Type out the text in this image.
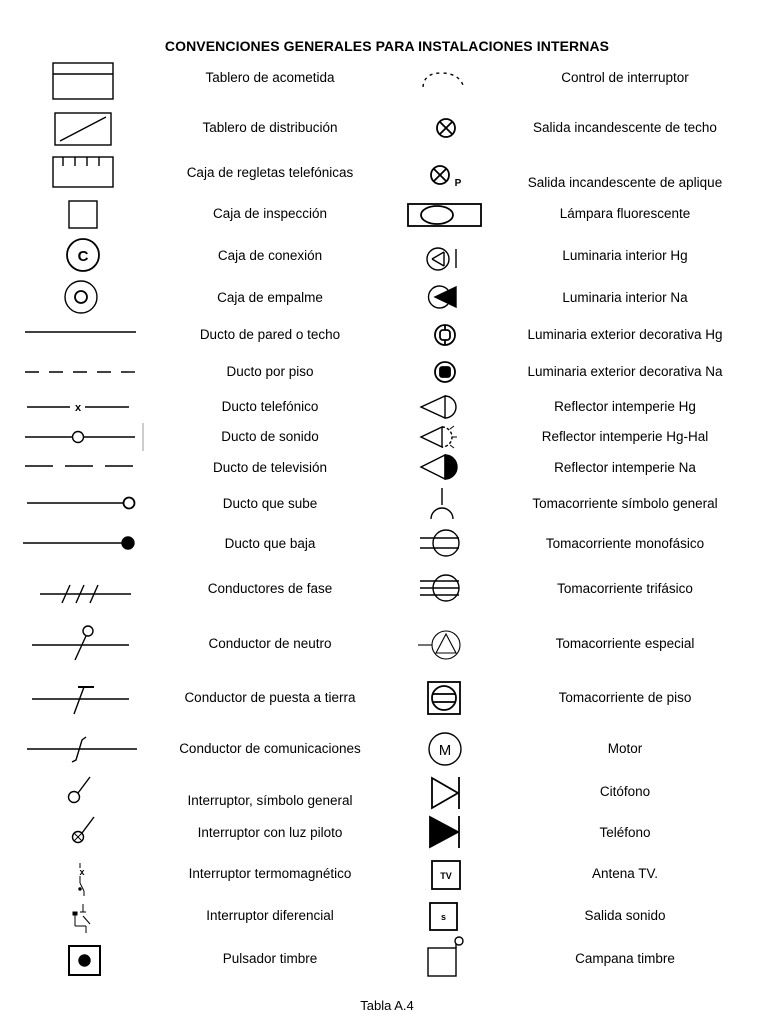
CONVENCIONES GENERALES PARA INSTALACIONES INTERNAS
C
x
x
P
M
TV
s
Tablero de acometida
Tablero de distribución
Caja de regletas telefónicas
Caja de inspección
Caja de conexión
Caja de empalme
Ducto de pared o techo
Ducto por piso
Ducto telefónico
Ducto de sonido
Ducto de televisión
Ducto que sube
Ducto que baja
Conductores de fase
Conductor de neutro
Conductor de puesta a tierra
Conductor de comunicaciones
Interruptor, símbolo general
Interruptor con luz piloto
Interruptor termomagnético
Interruptor diferencial
Pulsador timbre
Control de interruptor
Salida incandescente de techo
Salida incandescente de aplique
Lámpara fluorescente
Luminaria interior Hg
Luminaria interior Na
Luminaria exterior decorativa Hg
Luminaria exterior decorativa Na
Reflector intemperie Hg
Reflector intemperie Hg-Hal
Reflector intemperie Na
Tomacorriente símbolo general
Tomacorriente monofásico
Tomacorriente trifásico
Tomacorriente especial
Tomacorriente de piso
Motor
Citófono
Teléfono
Antena TV.
Salida sonido
Campana timbre
Tabla A.4
